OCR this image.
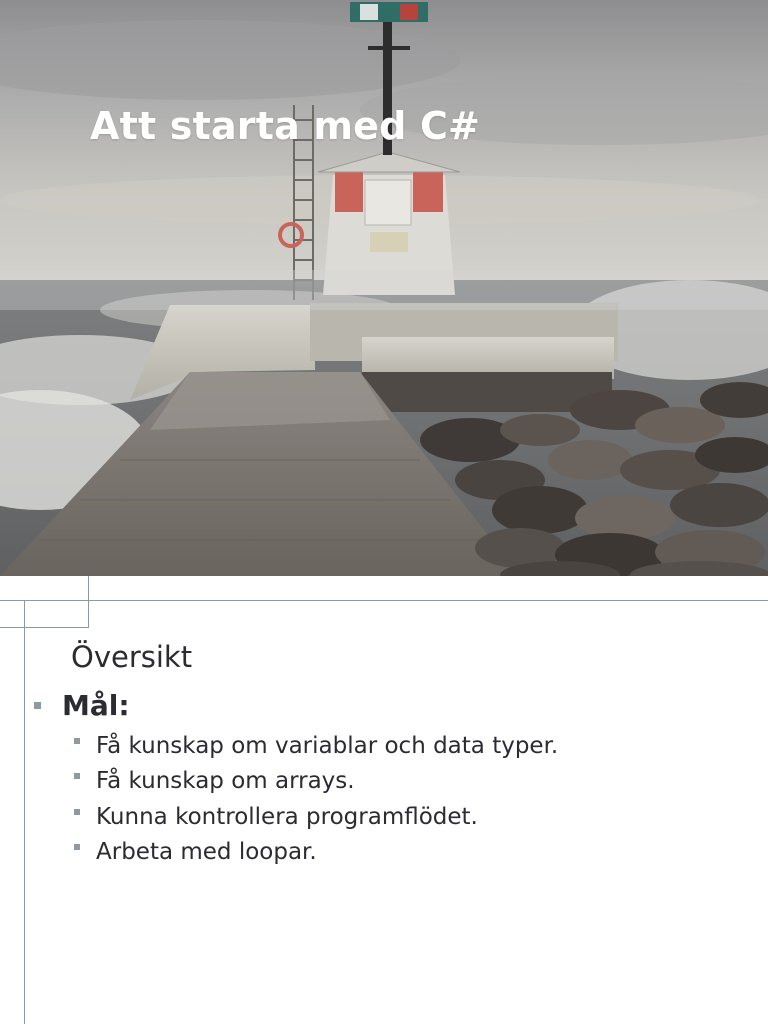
Att starta med C#
Översikt
Mål:
Få kunskap om variablar och data typer.
Få kunskap om arrays.
Kunna kontrollera programflödet.
Arbeta med loopar.
